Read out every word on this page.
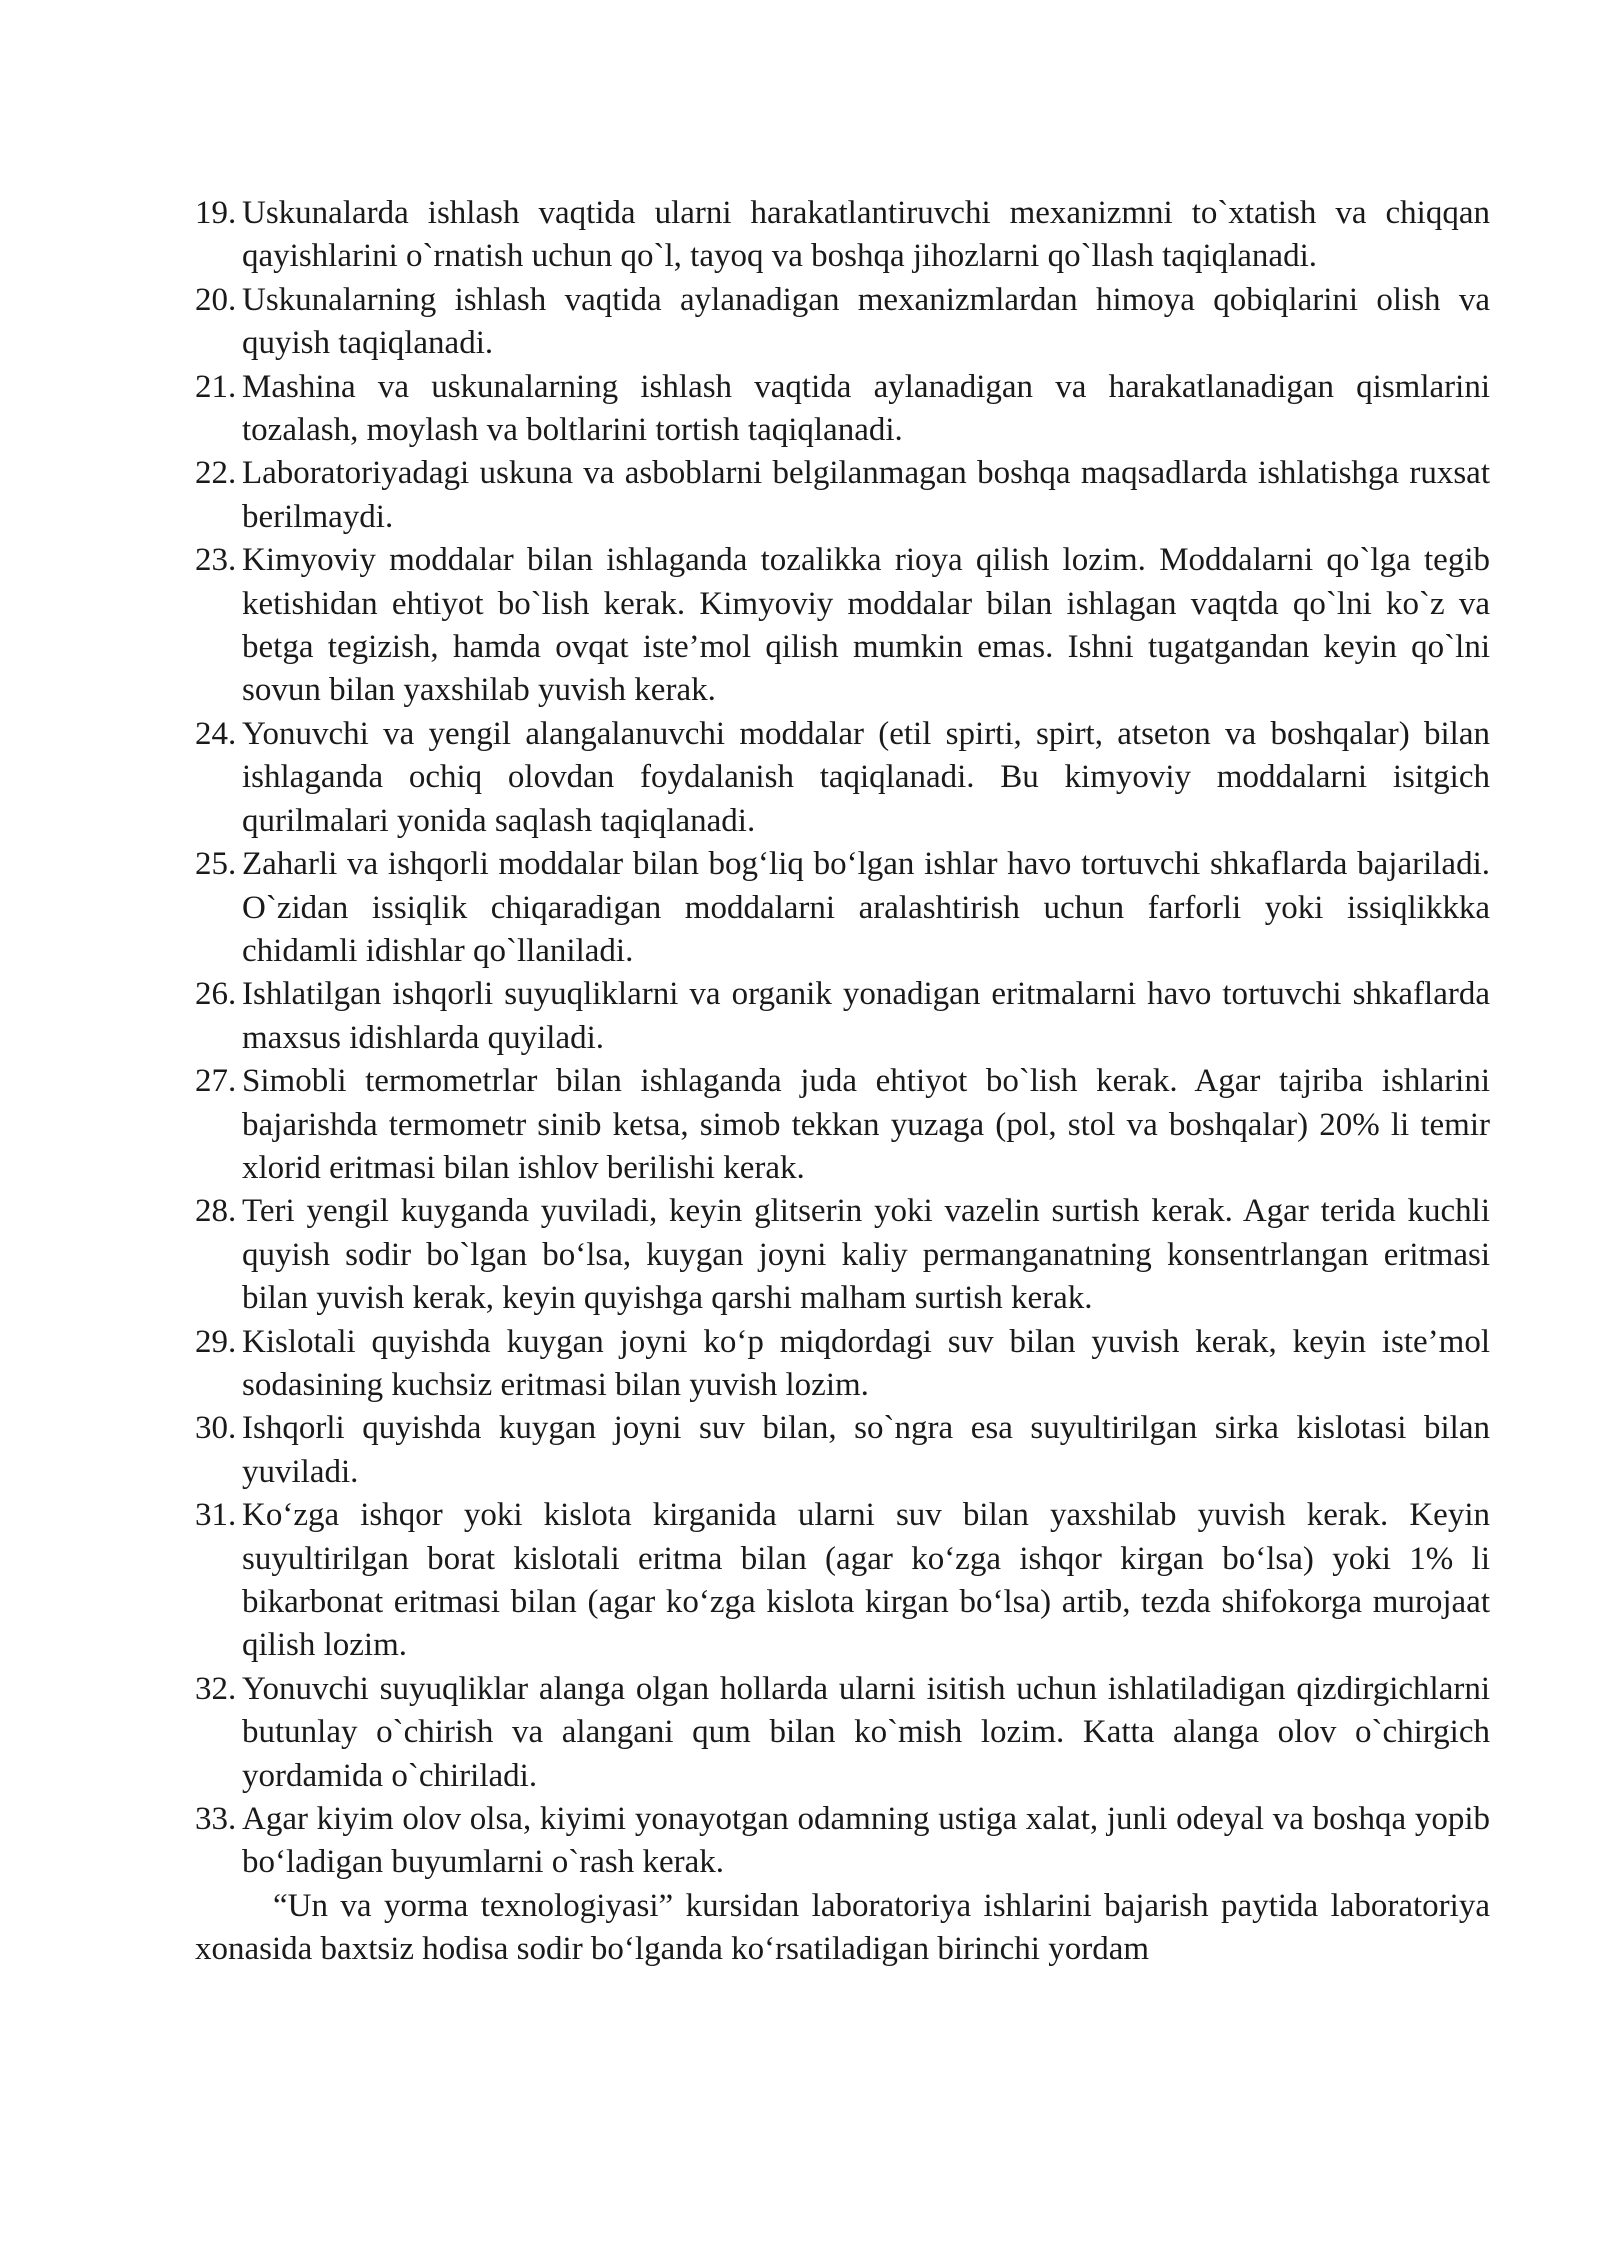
19. Uskunalarda ishlash vaqtida ularni harakatlantiruvchi mexanizmni to`xtatish va chiqqan qayishlarini o`rnatish uchun qo`l, tayoq va boshqa jihozlarni qo`llash taqiqlanadi.
20. Uskunalarning ishlash vaqtida aylanadigan mexanizmlardan himoya qobiqlarini olish va quyish taqiqlanadi.
21. Mashina va uskunalarning ishlash vaqtida aylanadigan va harakatlanadigan qismlarini tozalash, moylash va boltlarini tortish taqiqlanadi.
22. Laboratoriyadagi uskuna va asboblarni belgilanmagan boshqa maqsadlarda ishlatishga ruxsat berilmaydi.
23. Kimyoviy moddalar bilan ishlaganda tozalikka rioya qilish lozim. Moddalarni qo`lga tegib ketishidan ehtiyot bo`lish kerak. Kimyoviy moddalar bilan ishlagan vaqtda qo`lni ko`z va betga tegizish, hamda ovqat iste’mol qilish mumkin emas. Ishni tugatgandan keyin qo`lni sovun bilan yaxshilab yuvish kerak.
24. Yonuvchi va yengil alangalanuvchi moddalar (etil spirti, spirt, atseton va boshqalar) bilan ishlaganda ochiq olovdan foydalanish taqiqlanadi. Bu kimyoviy moddalarni isitgich qurilmalari yonida saqlash taqiqlanadi.
25. Zaharli va ishqorli moddalar bilan bog‘liq bo‘lgan ishlar havo tortuvchi shkaflarda bajariladi. O`zidan issiqlik chiqaradigan moddalarni aralashtirish uchun farforli yoki issiqlikkka chidamli idishlar qo`llaniladi.
26. Ishlatilgan ishqorli suyuqliklarni va organik yonadigan eritmalarni havo tortuvchi shkaflarda maxsus idishlarda quyiladi.
27. Simobli termometrlar bilan ishlaganda juda ehtiyot bo`lish kerak. Agar tajriba ishlarini bajarishda termometr sinib ketsa, simob tekkan yuzaga (pol, stol va boshqalar) 20% li temir xlorid eritmasi bilan ishlov berilishi kerak.
28. Teri yengil kuyganda yuviladi, keyin glitserin yoki vazelin surtish kerak. Agar terida kuchli quyish sodir bo`lgan bo‘lsa, kuygan joyni kaliy permanganatning konsentrlangan eritmasi bilan yuvish kerak, keyin quyishga qarshi malham surtish kerak.
29. Kislotali quyishda kuygan joyni ko‘p miqdordagi suv bilan yuvish kerak, keyin iste’mol sodasining kuchsiz eritmasi bilan yuvish lozim.
30. Ishqorli quyishda kuygan joyni suv bilan, so`ngra esa suyultirilgan sirka kislotasi bilan yuviladi.
31. Ko‘zga ishqor yoki kislota kirganida ularni suv bilan yaxshilab yuvish kerak. Keyin suyultirilgan borat kislotali eritma bilan (agar ko‘zga ishqor kirgan bo‘lsa) yoki 1% li bikarbonat eritmasi bilan (agar ko‘zga kislota kirgan bo‘lsa) artib, tezda shifokorga murojaat qilish lozim.
32. Yonuvchi suyuqliklar alanga olgan hollarda ularni isitish uchun ishlatiladigan qizdirgichlarni butunlay o`chirish va alangani qum bilan ko`mish lozim. Katta alanga olov o`chirgich yordamida o`chiriladi.
33. Agar kiyim olov olsa, kiyimi yonayotgan odamning ustiga xalat, junli odeyal va boshqa yopib bo‘ladigan buyumlarni o`rash kerak.

“Un va yorma texnologiyasi” kursidan laboratoriya ishlarini bajarish paytida laboratoriya xonasida baxtsiz hodisa sodir bo‘lganda ko‘rsatiladigan birinchi yordam
